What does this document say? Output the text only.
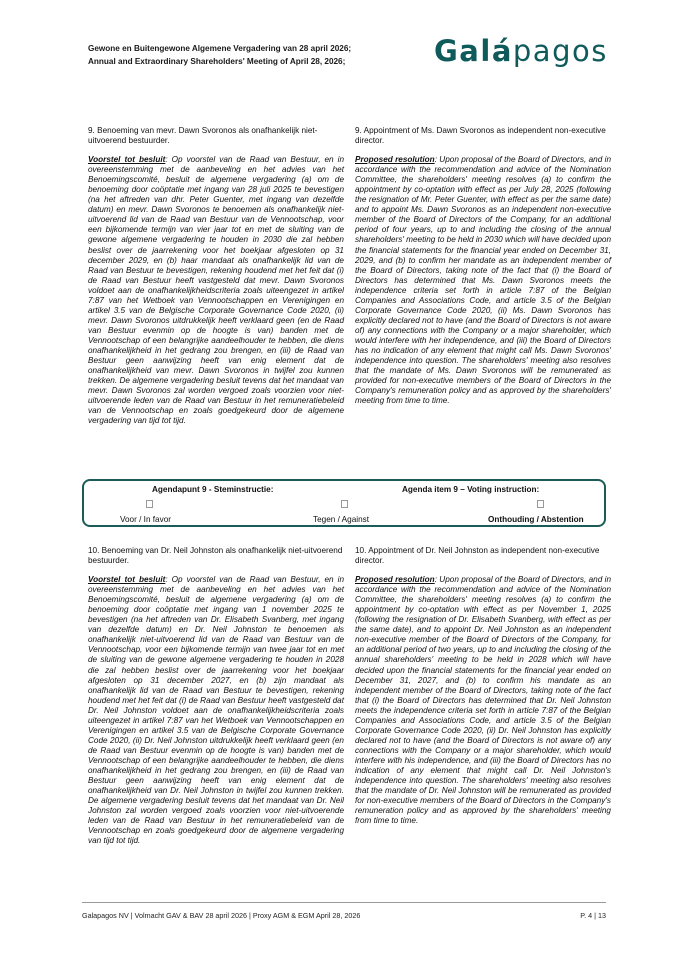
Gewone en Buitengewone Algemene Vergadering van 28 april 2026;
Annual and Extraordinary Shareholders' Meeting of April 28, 2026;	Galápagos

9. Benoeming van mevr. Dawn Svoronos als onafhankelijk niet-uitvoerend bestuurder.

Voorstel tot besluit: Op voorstel van de Raad van Bestuur, en in overeenstemming met de aanbeveling en het advies van het Benoemingscomité, besluit de algemene vergadering (a) om de benoeming door coöptatie met ingang van 28 juli 2025 te bevestigen (na het aftreden van dhr. Peter Guenter, met ingang van dezelfde datum) en mevr. Dawn Svoronos te benoemen als onafhankelijk niet-uitvoerend lid van de Raad van Bestuur van de Vennootschap, voor een bijkomende termijn van vier jaar tot en met de sluiting van de gewone algemene vergadering te houden in 2030 die zal hebben beslist over de jaarrekening voor het boekjaar afgesloten op 31 december 2029, en (b) haar mandaat als onafhankelijk lid van de Raad van Bestuur te bevestigen, rekening houdend met het feit dat (i) de Raad van Bestuur heeft vastgesteld dat mevr. Dawn Svoronos voldoet aan de onafhankelijkheidscriteria zoals uiteengezet in artikel 7:87 van het Wetboek van Vennootschappen en Verenigingen en artikel 3.5 van de Belgische Corporate Governance Code 2020, (ii) mevr. Dawn Svoronos uitdrukkelijk heeft verklaard geen (en de Raad van Bestuur evenmin op de hoogte is van) banden met de Vennootschap of een belangrijke aandeelhouder te hebben, die diens onafhankelijkheid in het gedrang zou brengen, en (iii) de Raad van Bestuur geen aanwijzing heeft van enig element dat de onafhankelijkheid van mevr. Dawn Svoronos in twijfel zou kunnen trekken. De algemene vergadering besluit tevens dat het mandaat van mevr. Dawn Svoronos zal worden vergoed zoals voorzien voor niet-uitvoerende leden van de Raad van Bestuur in het remuneratiebeleid van de Vennootschap en zoals goedgekeurd door de algemene vergadering van tijd tot tijd.

9. Appointment of Ms. Dawn Svoronos as independent non-executive director.

Proposed resolution: Upon proposal of the Board of Directors, and in accordance with the recommendation and advice of the Nomination Committee, the shareholders' meeting resolves (a) to confirm the appointment by co-optation with effect as per July 28, 2025 (following the resignation of Mr. Peter Guenter, with effect as per the same date) and to appoint Ms. Dawn Svoronos as an independent non-executive member of the Board of Directors of the Company, for an additional period of four years, up to and including the closing of the annual shareholders' meeting to be held in 2030 which will have decided upon the financial statements for the financial year ended on December 31, 2029, and (b) to confirm her mandate as an independent member of the Board of Directors, taking note of the fact that (i) the Board of Directors has determined that Ms. Dawn Svoronos meets the independence criteria set forth in article 7:87 of the Belgian Companies and Associations Code, and article 3.5 of the Belgian Corporate Governance Code 2020, (ii) Ms. Dawn Svoronos has explicitly declared not to have (and the Board of Directors is not aware of) any connections with the Company or a major shareholder, which would interfere with her independence, and (iii) the Board of Directors has no indication of any element that might call Ms. Dawn Svoronos' independence into question. The shareholders' meeting also resolves that the mandate of Ms. Dawn Svoronos will be remunerated as provided for non-executive members of the Board of Directors in the Company's remuneration policy and as approved by the shareholders' meeting from time to time.

Agendapunt 9 - Steminstructie:	Agenda item 9 – Voting instruction:
Voor / In favor	Tegen / Against	Onthouding / Abstention

10. Benoeming van Dr. Neil Johnston als onafhankelijk niet-uitvoerend bestuurder.

Voorstel tot besluit: Op voorstel van de Raad van Bestuur, en in overeenstemming met de aanbeveling en het advies van het Benoemingscomité, besluit de algemene vergadering (a) om de benoeming door coöptatie met ingang van 1 november 2025 te bevestigen (na het aftreden van Dr. Elisabeth Svanberg, met ingang van dezelfde datum) en Dr. Neil Johnston te benoemen als onafhankelijk niet-uitvoerend lid van de Raad van Bestuur van de Vennootschap, voor een bijkomende termijn van twee jaar tot en met de sluiting van de gewone algemene vergadering te houden in 2028 die zal hebben beslist over de jaarrekening voor het boekjaar afgesloten op 31 december 2027, en (b) zijn mandaat als onafhankelijk lid van de Raad van Bestuur te bevestigen, rekening houdend met het feit dat (i) de Raad van Bestuur heeft vastgesteld dat Dr. Neil Johnston voldoet aan de onafhankelijkheidscriteria zoals uiteengezet in artikel 7:87 van het Wetboek van Vennootschappen en Verenigingen en artikel 3.5 van de Belgische Corporate Governance Code 2020, (ii) Dr. Neil Johnston uitdrukkelijk heeft verklaard geen (en de Raad van Bestuur evenmin op de hoogte is van) banden met de Vennootschap of een belangrijke aandeelhouder te hebben, die diens onafhankelijkheid in het gedrang zou brengen, en (iii) de Raad van Bestuur geen aanwijzing heeft van enig element dat de onafhankelijkheid van Dr. Neil Johnston in twijfel zou kunnen trekken. De algemene vergadering besluit tevens dat het mandaat van Dr. Neil Johnston zal worden vergoed zoals voorzien voor niet-uitvoerende leden van de Raad van Bestuur in het remuneratiebeleid van de Vennootschap en zoals goedgekeurd door de algemene vergadering van tijd tot tijd.

10. Appointment of Dr. Neil Johnston as independent non-executive director.

Proposed resolution: Upon proposal of the Board of Directors, and in accordance with the recommendation and advice of the Nomination Committee, the shareholders' meeting resolves (a) to confirm the appointment by co-optation with effect as per November 1, 2025 (following the resignation of Dr. Elisabeth Svanberg, with effect as per the same date), and to appoint Dr. Neil Johnston as an independent non-executive member of the Board of Directors of the Company, for an additional period of two years, up to and including the closing of the annual shareholders' meeting to be held in 2028 which will have decided upon the financial statements for the financial year ended on December 31, 2027, and (b) to confirm his mandate as an independent member of the Board of Directors, taking note of the fact that (i) the Board of Directors has determined that Dr. Neil Johnston meets the independence criteria set forth in article 7:87 of the Belgian Companies and Associations Code, and article 3.5 of the Belgian Corporate Governance Code 2020, (ii) Dr. Neil Johnston has explicitly declared not to have (and the Board of Directors is not aware of) any connections with the Company or a major shareholder, which would interfere with his independence, and (iii) the Board of Directors has no indication of any element that might call Dr. Neil Johnston's independence into question. The shareholders' meeting also resolves that the mandate of Dr. Neil Johnston will be remunerated as provided for non-executive members of the Board of Directors in the Company's remuneration policy and as approved by the shareholders' meeting from time to time.

Galapagos NV | Volmacht GAV & BAV 28 april 2026 | Proxy AGM & EGM April 28, 2026	P. 4 | 13
